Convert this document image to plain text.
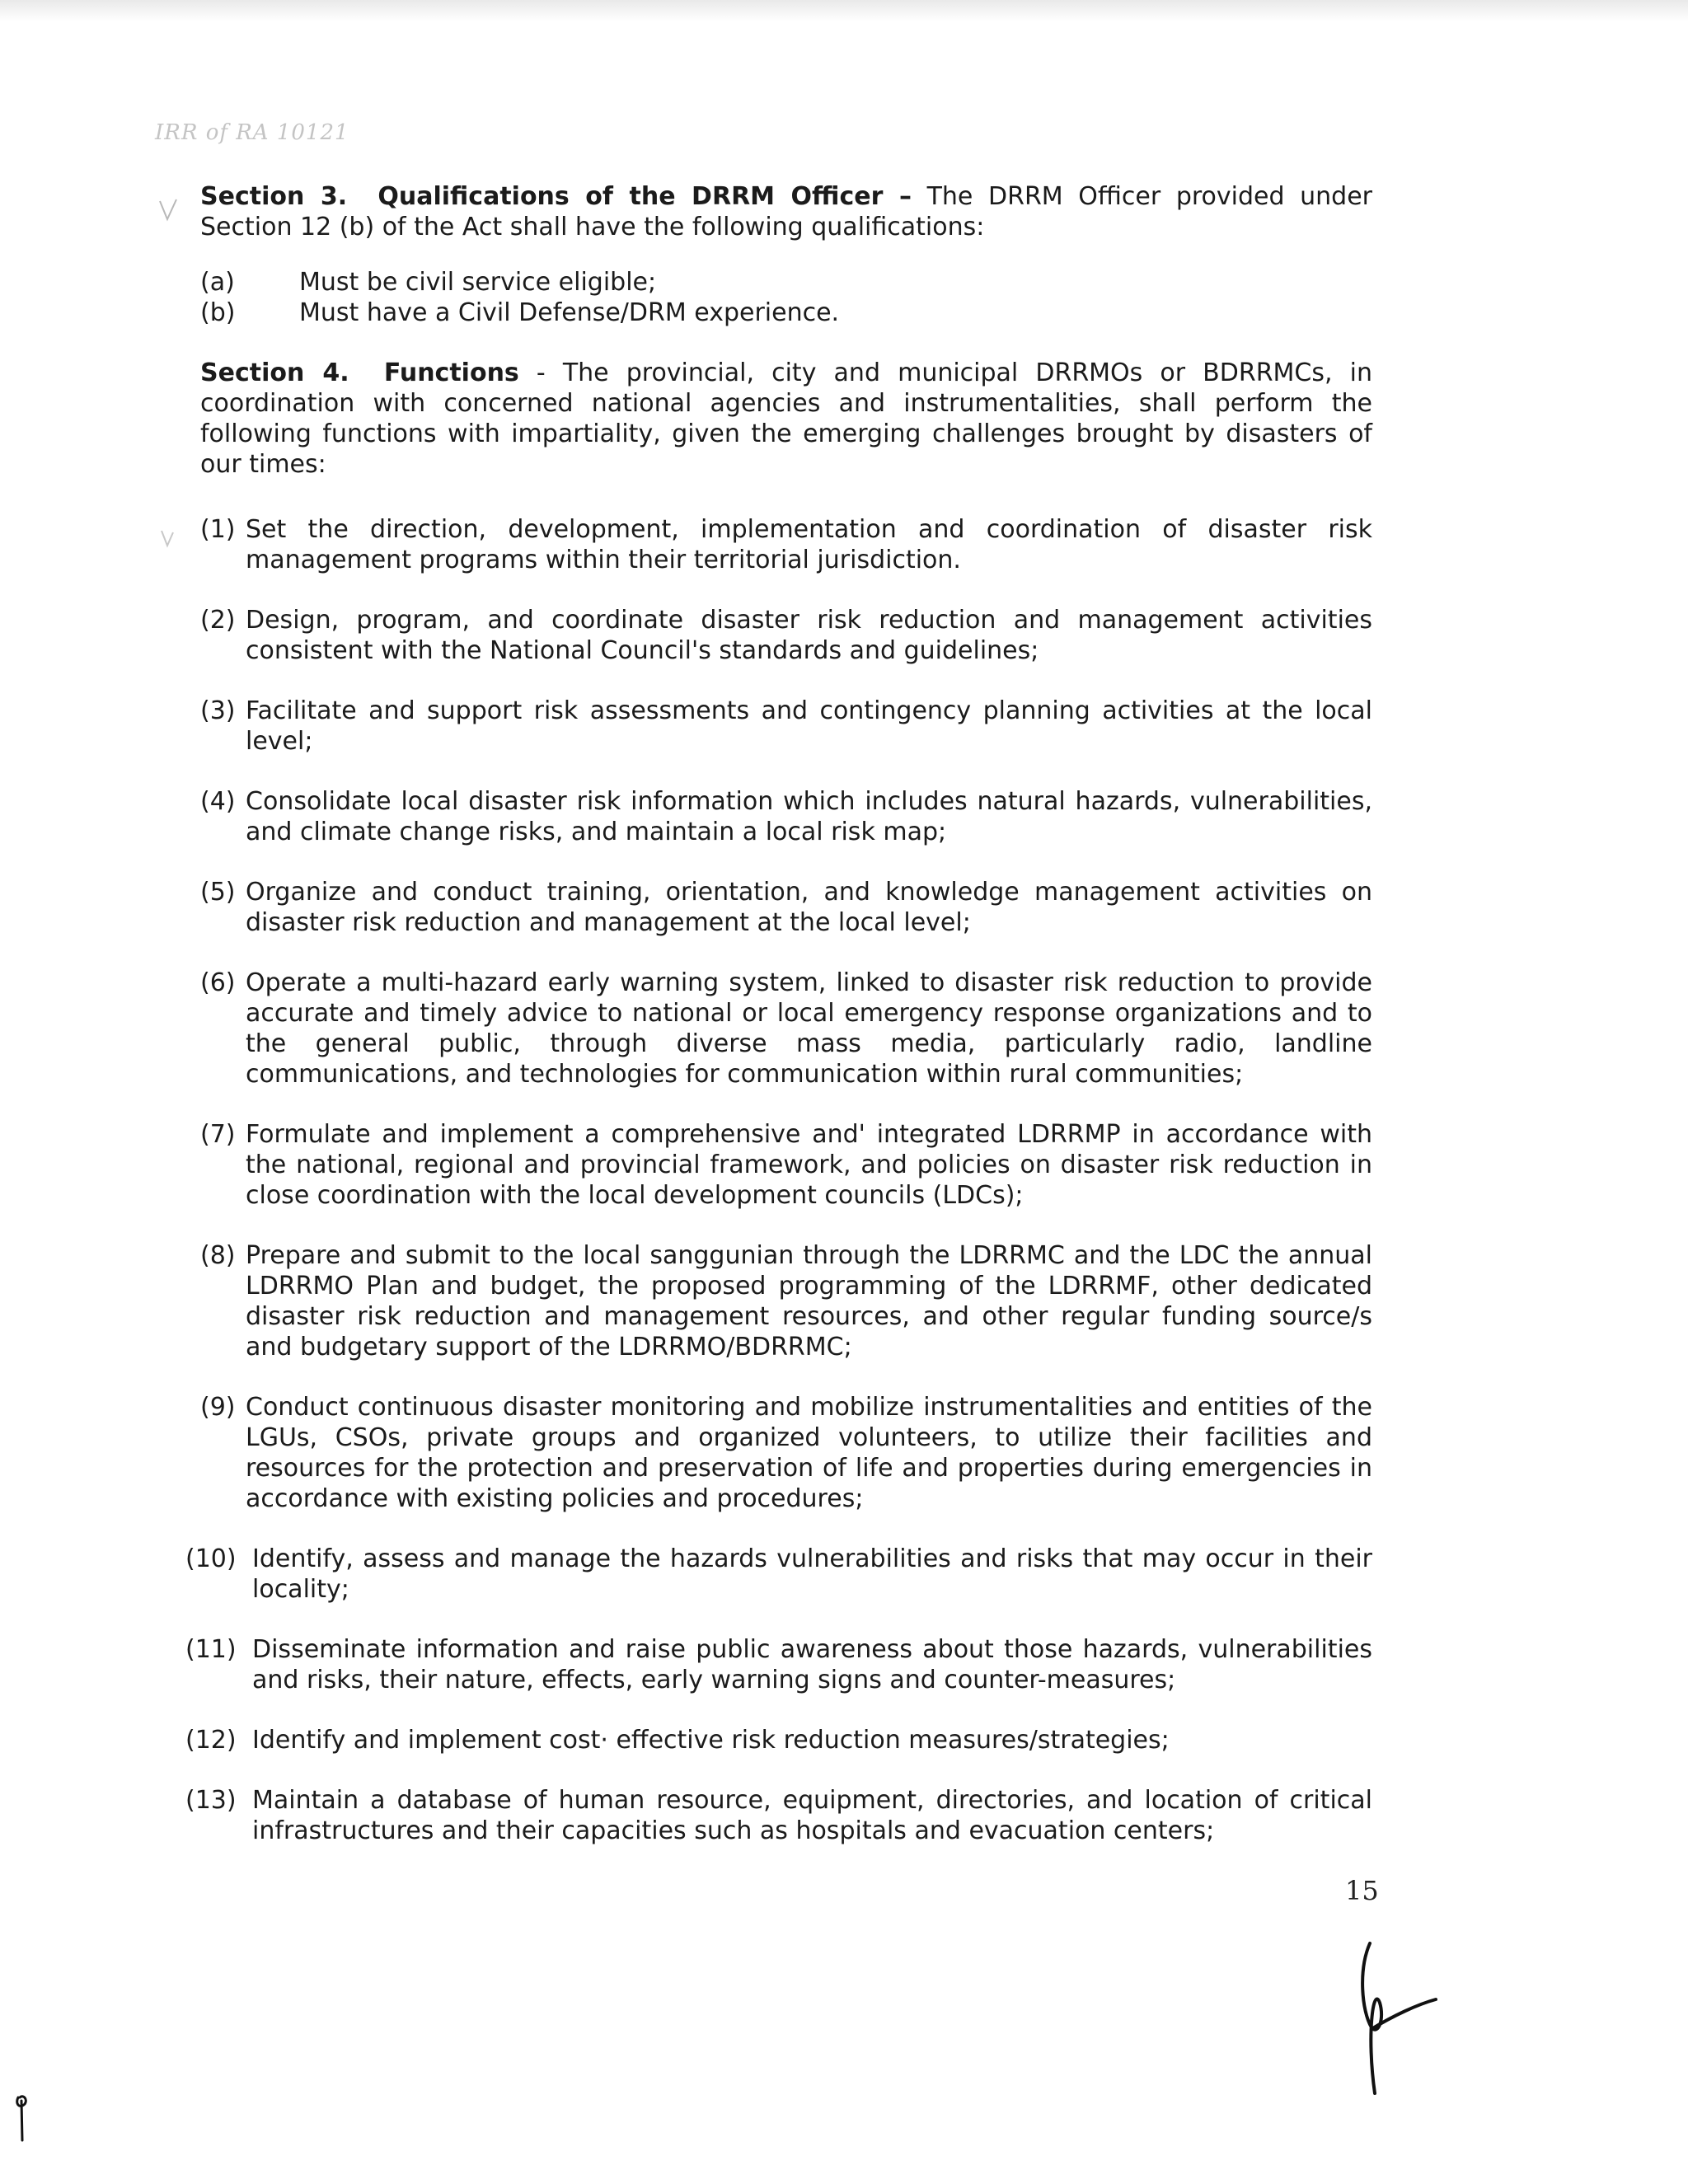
IRR of RA 10121

Section 3. Qualifications of the DRRM Officer – The DRRM Officer provided under Section 12 (b) of the Act shall have the following qualifications:

(a)	Must be civil service eligible;
(b)	Must have a Civil Defense/DRM experience.

Section 4. Functions - The provincial, city and municipal DRRMOs or BDRRMCs, in coordination with concerned national agencies and instrumentalities, shall perform the following functions with impartiality, given the emerging challenges brought by disasters of our times:

(1) Set the direction, development, implementation and coordination of disaster risk management programs within their territorial jurisdiction.
(2) Design, program, and coordinate disaster risk reduction and management activities consistent with the National Council's standards and guidelines;
(3) Facilitate and support risk assessments and contingency planning activities at the local level;
(4) Consolidate local disaster risk information which includes natural hazards, vulnerabilities, and climate change risks, and maintain a local risk map;
(5) Organize and conduct training, orientation, and knowledge management activities on disaster risk reduction and management at the local level;
(6) Operate a multi-hazard early warning system, linked to disaster risk reduction to provide accurate and timely advice to national or local emergency response organizations and to the general public, through diverse mass media, particularly radio, landline communications, and technologies for communication within rural communities;
(7) Formulate and implement a comprehensive and' integrated LDRRMP in accordance with the national, regional and provincial framework, and policies on disaster risk reduction in close coordination with the local development councils (LDCs);
(8) Prepare and submit to the local sanggunian through the LDRRMC and the LDC the annual LDRRMO Plan and budget, the proposed programming of the LDRRMF, other dedicated disaster risk reduction and management resources, and other regular funding source/s and budgetary support of the LDRRMO/BDRRMC;
(9) Conduct continuous disaster monitoring and mobilize instrumentalities and entities of the LGUs, CSOs, private groups and organized volunteers, to utilize their facilities and resources for the protection and preservation of life and properties during emergencies in accordance with existing policies and procedures;
(10) Identify, assess and manage the hazards vulnerabilities and risks that may occur in their locality;
(11) Disseminate information and raise public awareness about those hazards, vulnerabilities and risks, their nature, effects, early warning signs and counter-measures;
(12) Identify and implement cost· effective risk reduction measures/strategies;
(13) Maintain a database of human resource, equipment, directories, and location of critical infrastructures and their capacities such as hospitals and evacuation centers;
15
